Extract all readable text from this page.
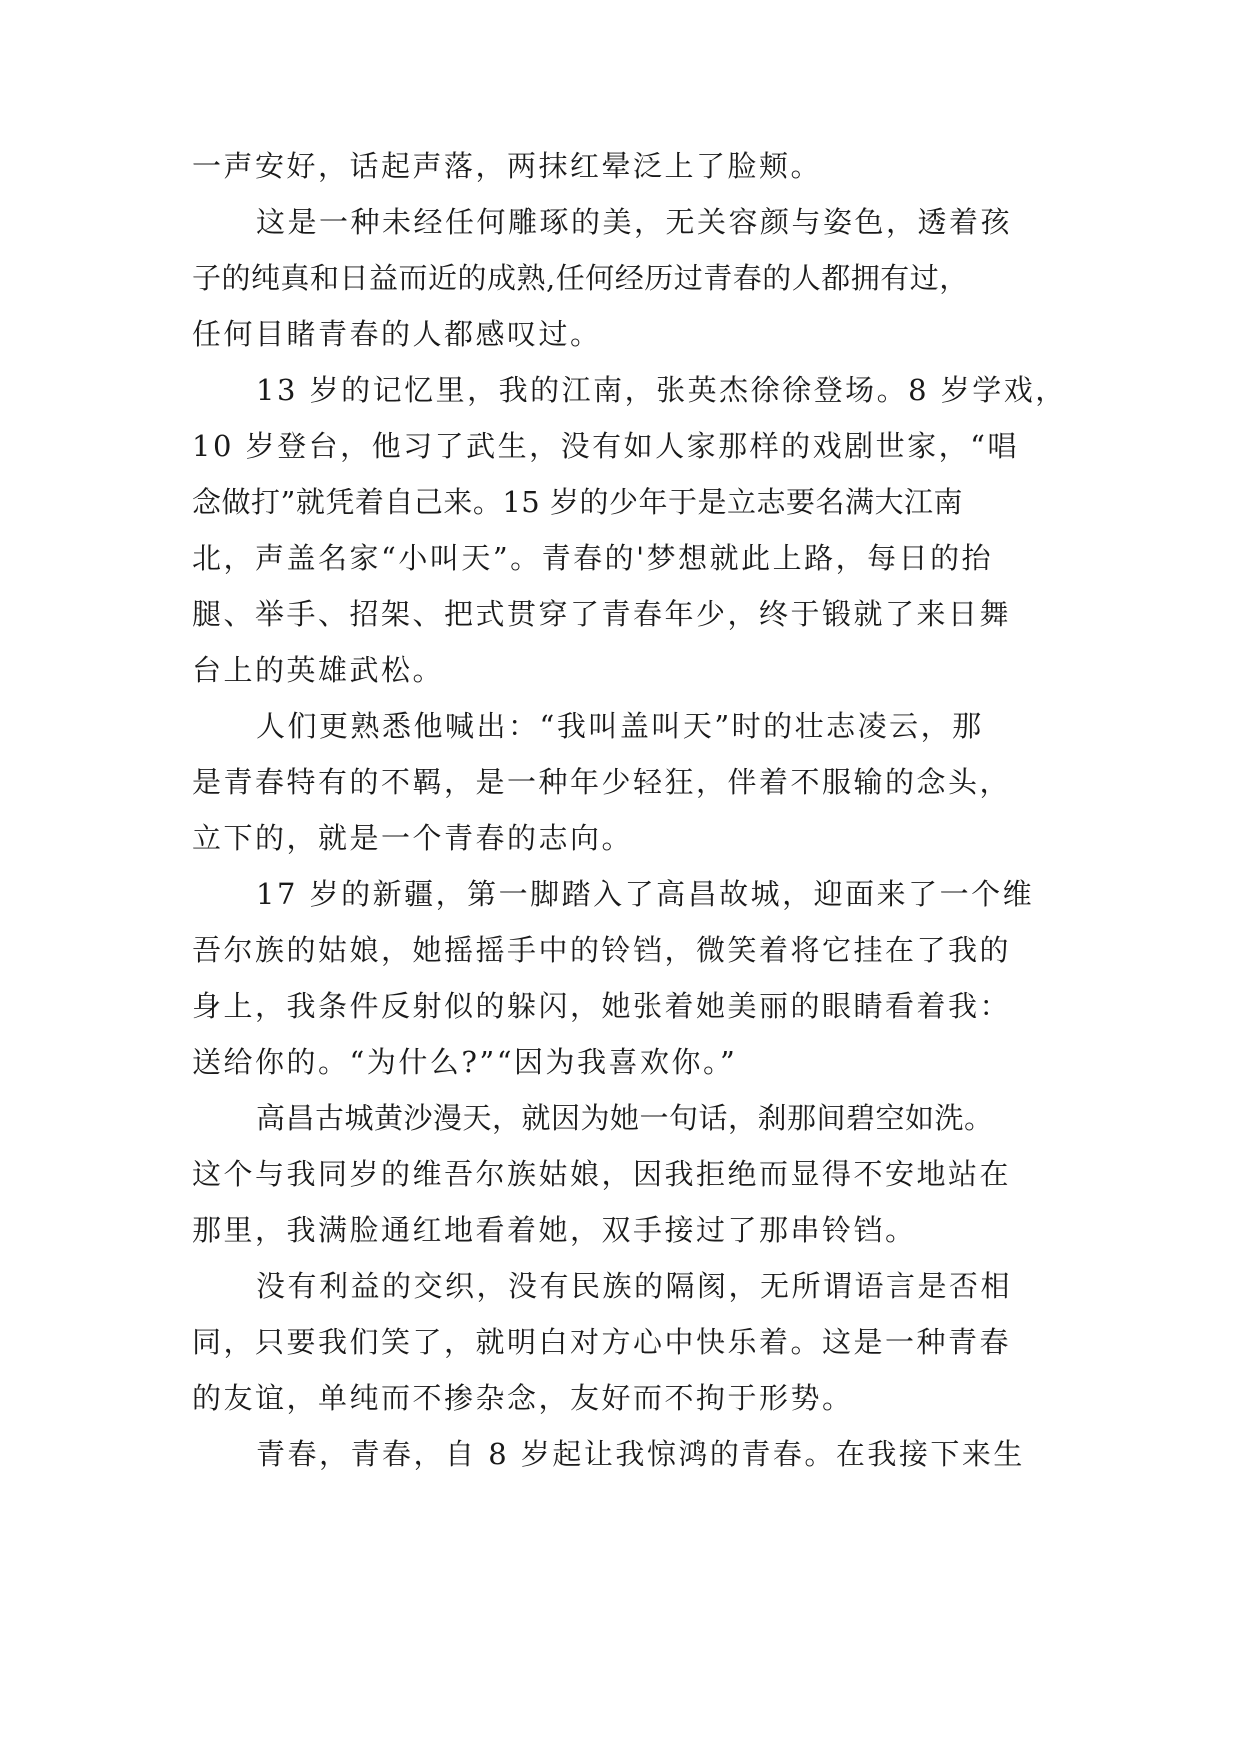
一声安好，话起声落，两抹红晕泛上了脸颊。
这是一种未经任何雕琢的美，无关容颜与姿色，透着孩
子的纯真和日益而近的成熟,任何经历过青春的人都拥有过，
任何目睹青春的人都感叹过。
13 岁的记忆里，我的江南，张英杰徐徐登场。8 岁学戏，
10 岁登台，他习了武生，没有如人家那样的戏剧世家，“唱
念做打”就凭着自己来。15 岁的少年于是立志要名满大江南
北，声盖名家“小叫天”。青春的'梦想就此上路，每日的抬
腿、举手、招架、把式贯穿了青春年少，终于锻就了来日舞
台上的英雄武松。
人们更熟悉他喊出：“我叫盖叫天”时的壮志凌云，那
是青春特有的不羁，是一种年少轻狂，伴着不服输的念头，
立下的，就是一个青春的志向。
17 岁的新疆，第一脚踏入了高昌故城，迎面来了一个维
吾尔族的姑娘，她摇摇手中的铃铛，微笑着将它挂在了我的
身上，我条件反射似的躲闪，她张着她美丽的眼睛看着我：
送给你的。“为什么?”“因为我喜欢你。”
高昌古城黄沙漫天，就因为她一句话，刹那间碧空如洗。
这个与我同岁的维吾尔族姑娘，因我拒绝而显得不安地站在
那里，我满脸通红地看着她，双手接过了那串铃铛。
没有利益的交织，没有民族的隔阂，无所谓语言是否相
同，只要我们笑了，就明白对方心中快乐着。这是一种青春
的友谊，单纯而不掺杂念，友好而不拘于形势。
青春，青春，自 8 岁起让我惊鸿的青春。在我接下来生
